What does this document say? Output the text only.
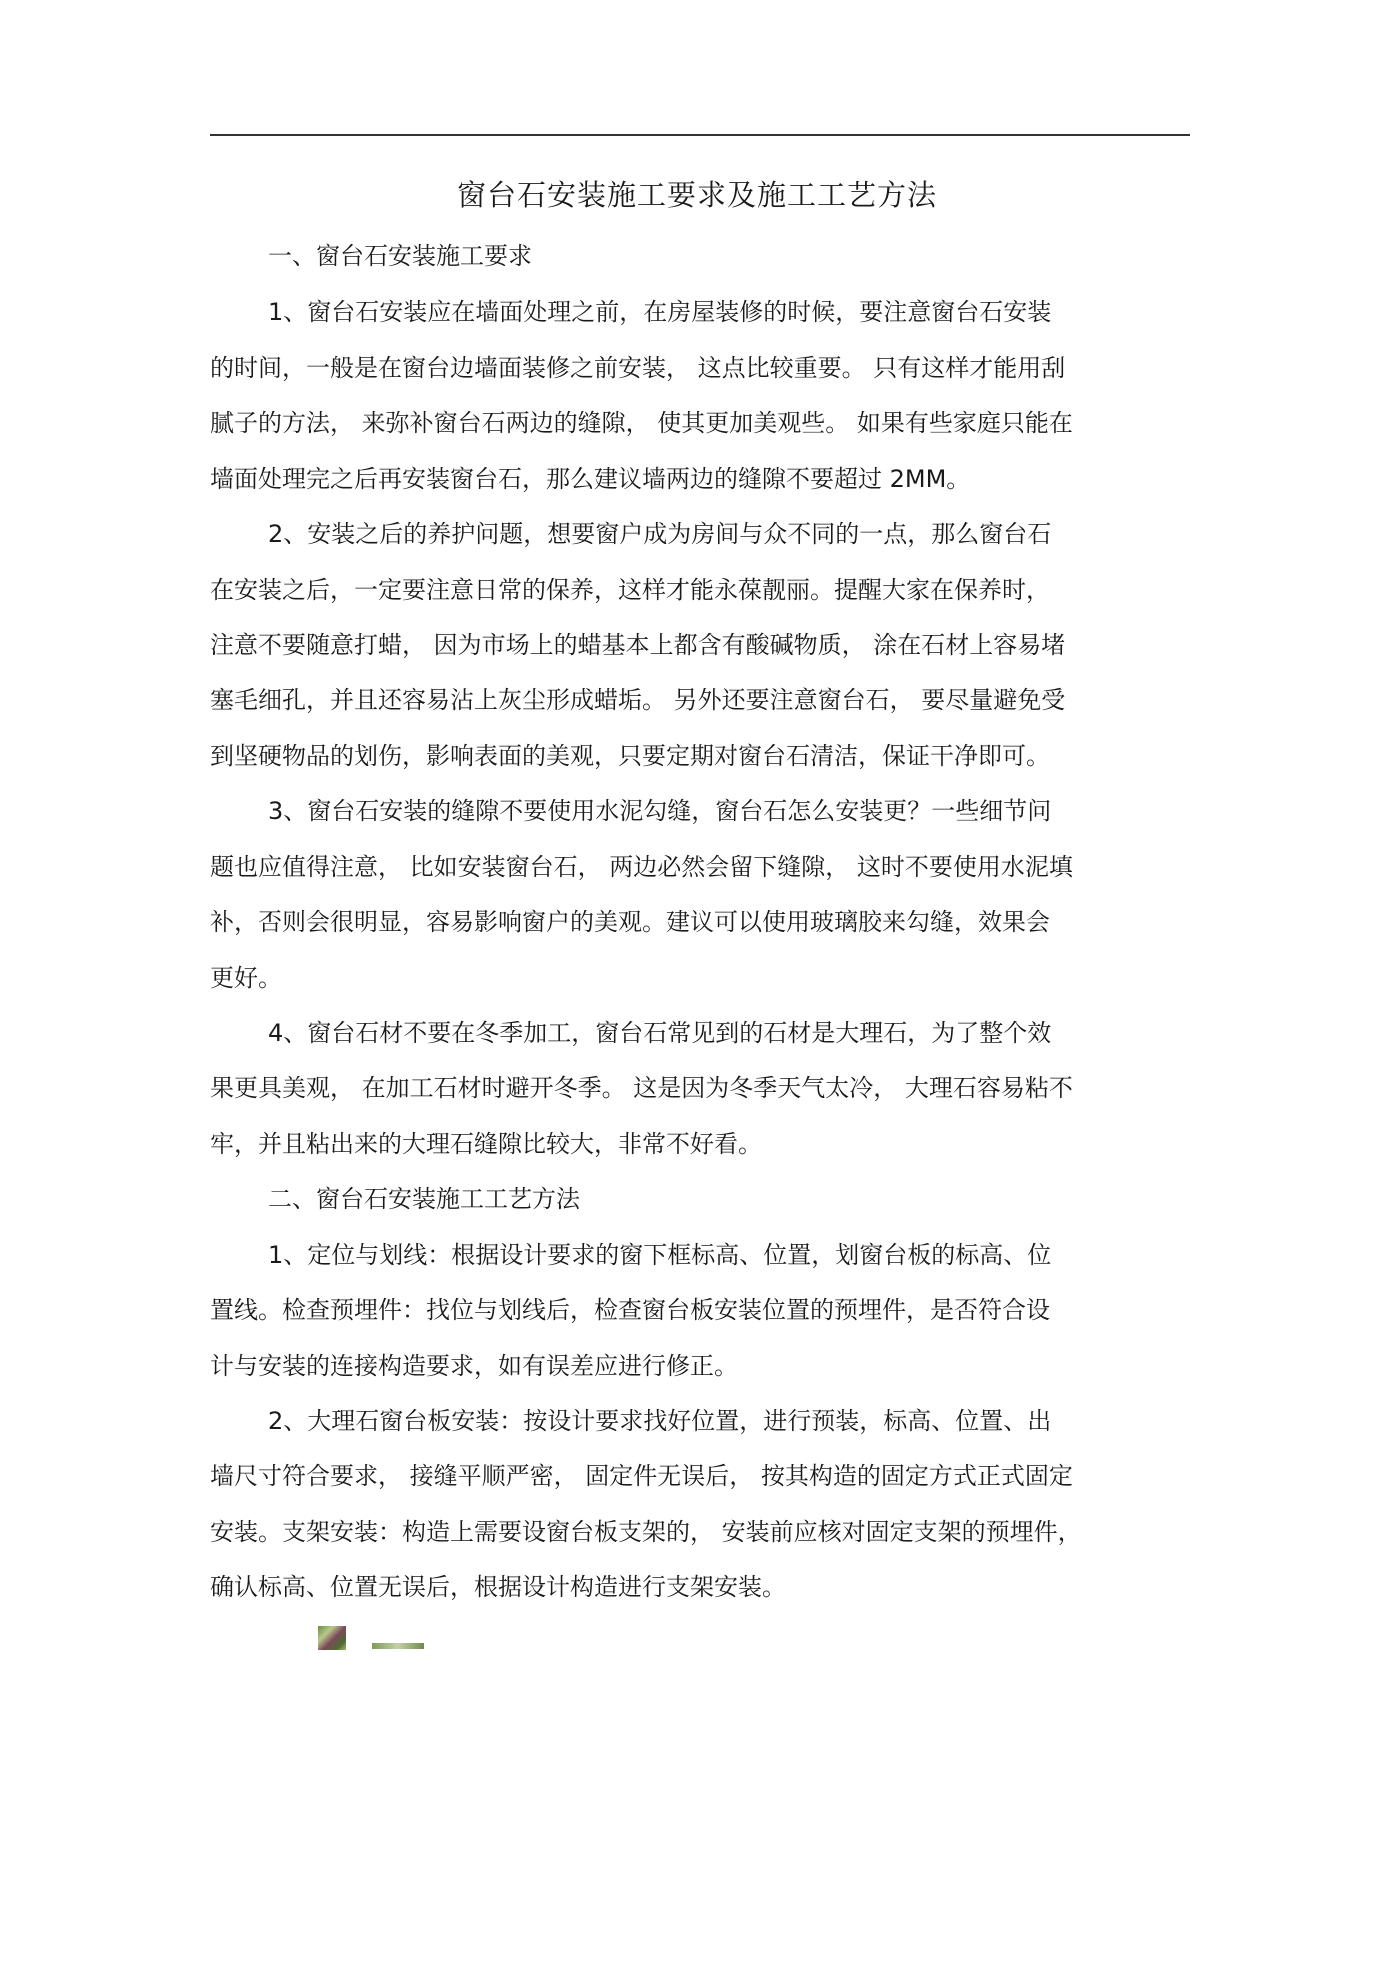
窗台石安装施工要求及施工工艺方法

一、窗台石安装施工要求

1、窗台石安装应在墙面处理之前，在房屋装修的时候，要注意窗台石安装

的时间，一般是在窗台边墙面装修之前安装， 这点比较重要。 只有这样才能用刮

腻子的方法， 来弥补窗台石两边的缝隙， 使其更加美观些。 如果有些家庭只能在

墙面处理完之后再安装窗台石，那么建议墙两边的缝隙不要超过 2MM。

2、安装之后的养护问题，想要窗户成为房间与众不同的一点，那么窗台石

在安装之后，一定要注意日常的保养，这样才能永葆靓丽。提醒大家在保养时，

注意不要随意打蜡， 因为市场上的蜡基本上都含有酸碱物质， 涂在石材上容易堵

塞毛细孔，并且还容易沾上灰尘形成蜡垢。 另外还要注意窗台石， 要尽量避免受

到坚硬物品的划伤，影响表面的美观，只要定期对窗台石清洁，保证干净即可。

3、窗台石安装的缝隙不要使用水泥勾缝，窗台石怎么安装更？一些细节问

题也应值得注意， 比如安装窗台石， 两边必然会留下缝隙， 这时不要使用水泥填

补，否则会很明显，容易影响窗户的美观。建议可以使用玻璃胶来勾缝，效果会

更好。

4、窗台石材不要在冬季加工，窗台石常见到的石材是大理石，为了整个效

果更具美观， 在加工石材时避开冬季。 这是因为冬季天气太冷， 大理石容易粘不

牢，并且粘出来的大理石缝隙比较大，非常不好看。

二、窗台石安装施工工艺方法

1、定位与划线：根据设计要求的窗下框标高、位置，划窗台板的标高、位

置线。检查预埋件：找位与划线后，检查窗台板安装位置的预埋件，是否符合设

计与安装的连接构造要求，如有误差应进行修正。

2、大理石窗台板安装：按设计要求找好位置，进行预装，标高、位置、出

墙尺寸符合要求， 接缝平顺严密， 固定件无误后， 按其构造的固定方式正式固定

安装。支架安装：构造上需要设窗台板支架的， 安装前应核对固定支架的预埋件，

确认标高、位置无误后，根据设计构造进行支架安装。
